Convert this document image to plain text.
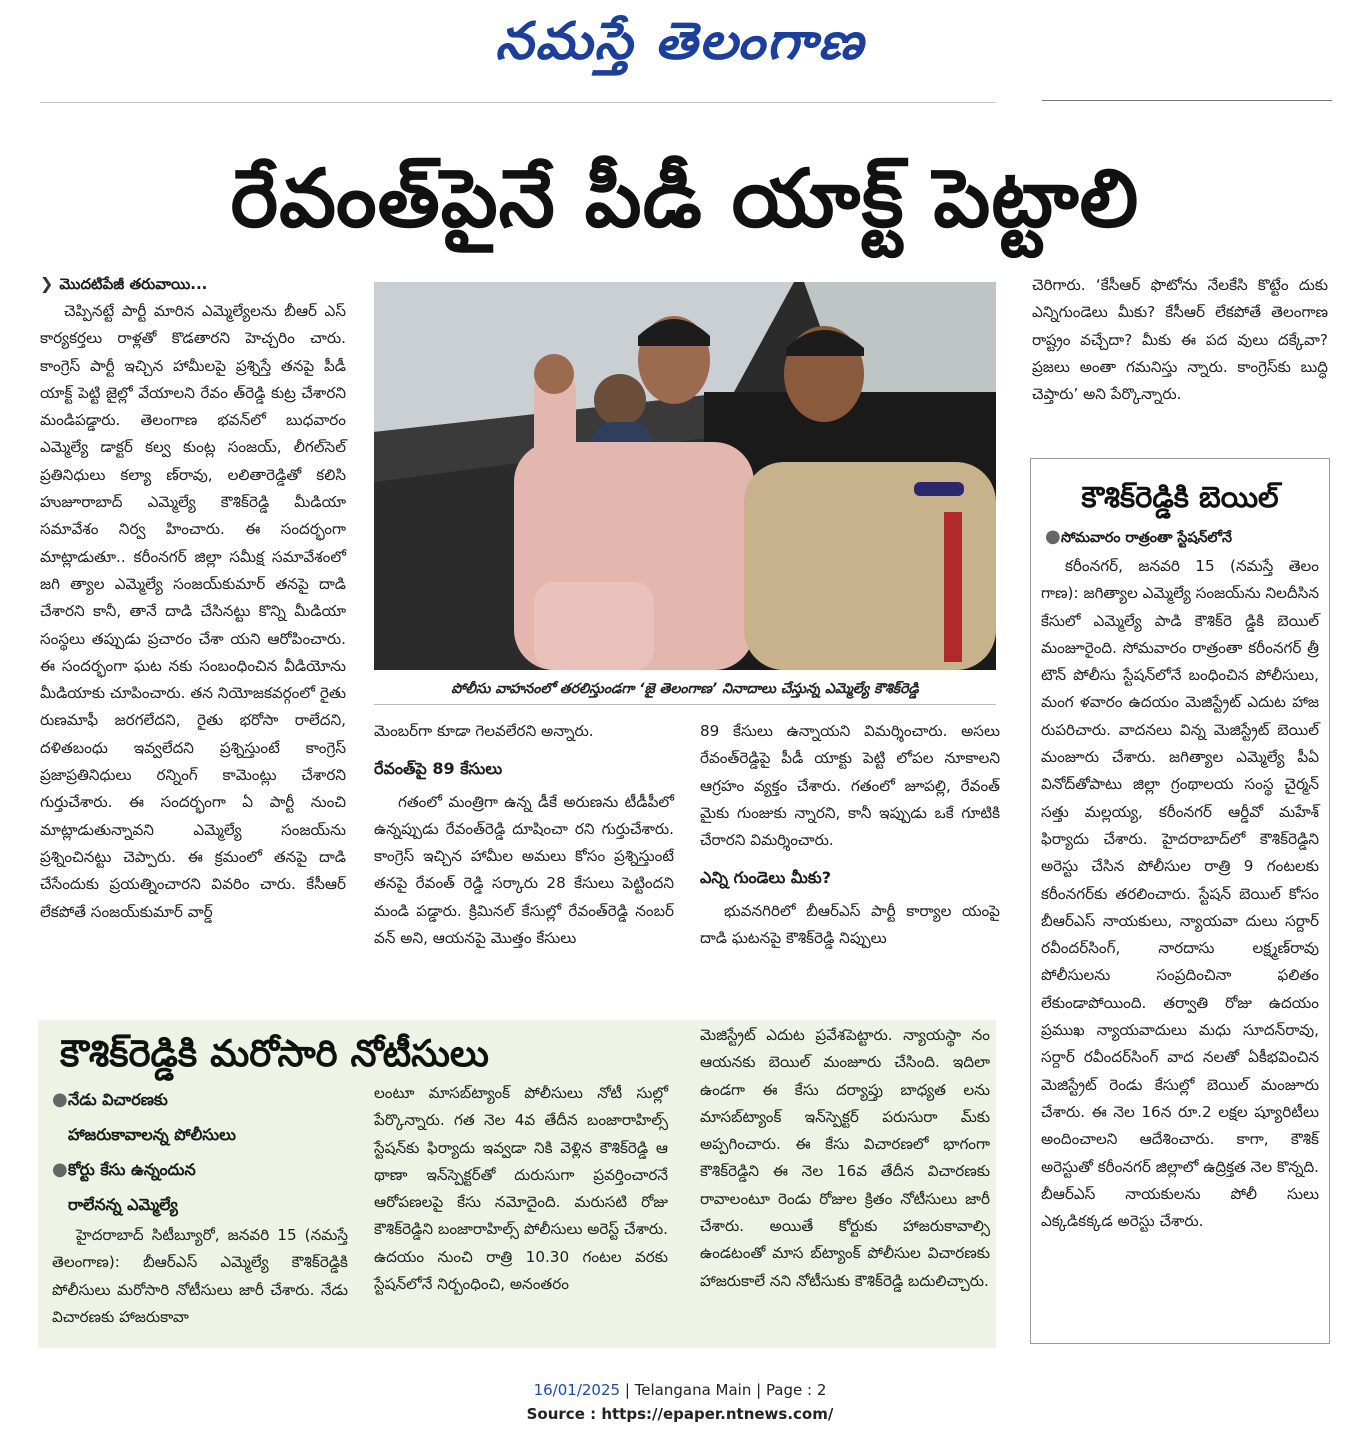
నమస్తే తెలంగాణ
రేవంత్‌పైనే పీడీ యాక్ట్‌ పెట్టాలి
❯ మొదటిపేజీ తరువాయి...

చెప్పినట్టే పార్టీ మారిన ఎమ్మెల్యేలను బీఆర్‌ ఎస్‌ కార్యకర్తలు రాళ్లతో కొడతారని హెచ్చరిం చారు. కాంగ్రెస్‌ పార్టీ ఇచ్చిన హామీలపై ప్రశ్నిస్తే తనపై పీడీ యాక్ట్‌ పెట్టి జైల్లో వేయాలని రేవం త్‌రెడ్డి కుట్ర చేశారని మండిపడ్డారు. తెలంగాణ భవన్‌లో బుధవారం ఎమ్మెల్యే డాక్టర్‌ కల్వ కుంట్ల సంజయ్‌, లీగల్‌సెల్‌ ప్రతినిధులు కల్యా ణ్‌రావు, లలితారెడ్డితో కలిసి హుజూరాబాద్‌ ఎమ్మెల్యే కౌశిక్‌రెడ్డి మీడియా సమావేశం నిర్వ హించారు. ఈ సందర్భంగా మాట్లాడుతూ.. కరీంనగర్‌ జిల్లా సమీక్ష సమావేశంలో జగి త్యాల ఎమ్మెల్యే సంజయ్‌కుమార్‌ తనపై దాడి చేశారని కానీ, తానే దాడి చేసినట్టు కొన్ని మీడియా సంస్థలు తప్పుడు ప్రచారం చేశా యని ఆరోపించారు. ఈ సందర్భంగా ఘట నకు సంబంధించిన వీడియోను మీడియాకు చూపించారు. తన నియోజకవర్గంలో రైతు రుణమాఫీ జరగలేదని, రైతు భరోసా రాలేదని, దళితబంధు ఇవ్వలేదని ప్రశ్నిస్తుంటే కాంగ్రెస్‌ ప్రజాప్రతినిధులు రన్నింగ్‌ కామెంట్లు చేశారని గుర్తుచేశారు. ఈ సందర్భంగా ఏ పార్టీ నుంచి మాట్లాడుతున్నావని ఎమ్మెల్యే సంజయ్‌ను ప్రశ్నించినట్టు చెప్పారు. ఈ క్రమంలో తనపై దాడి చేసేందుకు ప్రయత్నించారని వివరిం చారు. కేసీఆర్‌ లేకపోతే సంజయ్‌కుమార్‌ వార్డ్‌

పోలీసు వాహనంలో తరలిస్తుండగా ‘జై తెలంగాణ’ నినాదాలు చేస్తున్న ఎమ్మెల్యే కౌశిక్‌రెడ్డి

మెంబర్‌గా కూడా గెలవలేరని అన్నారు.

రేవంత్‌పై 89 కేసులు

గతంలో మంత్రిగా ఉన్న డీకే అరుణను టీడీపీలో ఉన్నప్పుడు రేవంత్‌రెడ్డి దూషించా రని గుర్తుచేశారు. కాంగ్రెస్‌ ఇచ్చిన హామీల అమలు కోసం ప్రశ్నిస్తుంటే తనపై రేవంత్‌ రెడ్డి సర్కారు 28 కేసులు పెట్టిందని మండి పడ్డారు. క్రిమినల్‌ కేసుల్లో రేవంత్‌రెడ్డి నంబర్‌ వన్‌ అని, ఆయనపై మొత్తం కేసులు

89 కేసులు ఉన్నాయని విమర్శించారు. అసలు రేవంత్‌రెడ్డిపై పీడీ యాక్టు పెట్టి లోపల నూకాలని ఆగ్రహం వ్యక్తం చేశారు. గతంలో జూపల్లి, రేవంత్‌ మైకు గుంజుకు న్నారని, కానీ ఇప్పుడు ఒకే గూటికి చేరారని విమర్శించారు.

ఎన్ని గుండెలు మీకు?

భువనగిరిలో బీఆర్‌ఎస్‌ పార్టీ కార్యాల యంపై దాడి ఘటనపై కౌశిక్‌రెడ్డి నిప్పులు

చెరిగారు. ‘కేసీఆర్‌ ఫొటోను నేలకేసి కొట్టేం దుకు ఎన్నిగుండెలు మీకు? కేసీఆర్‌ లేకపోతే తెలంగాణ రాష్ట్రం వచ్చేదా? మీకు ఈ పద వులు దక్కేవా? ప్రజలు అంతా గమనిస్తు న్నారు. కాంగ్రెస్‌కు బుద్ధి చెప్తారు’ అని పేర్కొన్నారు.

కౌశిక్‌రెడ్డికి బెయిల్‌
●సోమవారం రాత్రంతా స్టేషన్‌లోనే

కరీంనగర్‌, జనవరి 15 (నమస్తే తెలం గాణ): జగిత్యాల ఎమ్మెల్యే సంజయ్‌ను నిలదీసిన కేసులో ఎమ్మెల్యే పాడి కౌశిక్‌రె డ్డికి బెయిల్‌ మంజూరైంది. సోమవారం రాత్రంతా కరీంనగర్‌ త్రీ టౌన్‌ పోలీసు స్టేషన్‌లోనే బంధించిన పోలీసులు, మంగ ళవారం ఉదయం మెజిస్ట్రేట్‌ ఎదుట హాజ రుపరిచారు. వాదనలు విన్న మెజిస్ట్రేట్‌ బెయిల్‌ మంజూరు చేశారు. జగిత్యాల ఎమ్మెల్యే పీఏ వినోద్‌తోపాటు జిల్లా గ్రంథాలయ సంస్థ చైర్మన్‌ సత్తు మల్లయ్య, కరీంనగర్‌ ఆర్డీవో మహేశ్‌ ఫిర్యాదు చేశారు. హైదరాబాద్‌లో కౌశిక్‌రెడ్డిని అరెస్టు చేసిన పోలీసుల రాత్రి 9 గంటలకు కరీంనగర్‌కు తరలించారు. స్టేషన్‌ బెయిల్‌ కోసం బీఆర్‌ఎస్‌ నాయకులు, న్యాయవా దులు సర్దార్‌ రవీందర్‌సింగ్‌, నారదాసు లక్ష్మణ్‌రావు పోలీసులను సంప్రదించినా ఫలితం లేకుండాపోయింది. తర్వాతి రోజు ఉదయం ప్రముఖ న్యాయవాదులు మధు సూదన్‌రావు, సర్దార్‌ రవీందర్‌సింగ్‌ వాద నలతో ఏకీభవించిన మెజిస్ట్రేట్‌ రెండు కేసుల్లో బెయిల్‌ మంజూరు చేశారు. ఈ నెల 16న రూ.2 లక్షల ష్యూరిటీలు అందించాలని ఆదేశించారు. కాగా, కౌశిక్‌ అరెస్టుతో కరీంనగర్‌ జిల్లాలో ఉద్రిక్తత నెల కొన్నది. బీఆర్‌ఎస్‌ నాయకులను పోలీ సులు ఎక్కడికక్కడ అరెస్టు చేశారు.

కౌశిక్‌రెడ్డికి మరోసారి నోటీసులు
●నేడు విచారణకు
హాజరుకావాలన్న పోలీసులు
●కోర్టు కేసు ఉన్నందున
రాలేనన్న ఎమ్మెల్యే

హైదరాబాద్‌ సిటీబ్యూరో, జనవరి 15 (నమస్తే తెలంగాణ): బీఆర్‌ఎస్‌ ఎమ్మెల్యే కౌశిక్‌రెడ్డికి పోలీసులు మరోసారి నోటీసులు జారీ చేశారు. నేడు విచారణకు హాజరుకావా

లంటూ మాసబ్‌ట్యాంక్‌ పోలీసులు నోటీ సుల్లో పేర్కొన్నారు. గత నెల 4వ తేదీన బంజారాహిల్స్‌ స్టేషన్‌కు ఫిర్యాదు ఇవ్వడా నికి వెళ్లిన కౌశిక్‌రెడ్డి ఆ థాణా ఇన్‌స్పెక్టర్‌తో దురుసుగా ప్రవర్తించారనే ఆరోపణలపై కేసు నమోదైంది. మరుసటి రోజు కౌశిక్‌రెడ్డిని బంజారాహిల్స్‌ పోలీసులు అరెస్ట్‌ చేశారు. ఉదయం నుంచి రాత్రి 10.30 గంటల వరకు స్టేషన్‌లోనే నిర్బంధించి, అనంతరం

మెజిస్ట్రేట్‌ ఎదుట ప్రవేశపెట్టారు. న్యాయస్థా నం ఆయనకు బెయిల్‌ మంజూరు చేసింది. ఇదిలా ఉండగా ఈ కేసు దర్యాప్తు బాధ్యత లను మాసబ్‌ట్యాంక్‌ ఇన్‌స్పెక్టర్‌ పరుసురా మ్‌కు అప్పగించారు. ఈ కేసు విచారణలో భాగంగా కౌశిక్‌రెడ్డిని ఈ నెల 16వ తేదీన విచారణకు రావాలంటూ రెండు రోజుల క్రితం నోటీసులు జారీ చేశారు. అయితే కోర్టుకు హాజరుకావాల్సి ఉండటంతో మాస బ్‌ట్యాంక్‌ పోలీసుల విచారణకు హాజరుకాలే నని నోటీసుకు కౌశిక్‌రెడ్డి బదులిచ్చారు.

16/01/2025 | Telangana Main | Page : 2
Source : https://epaper.ntnews.com/
